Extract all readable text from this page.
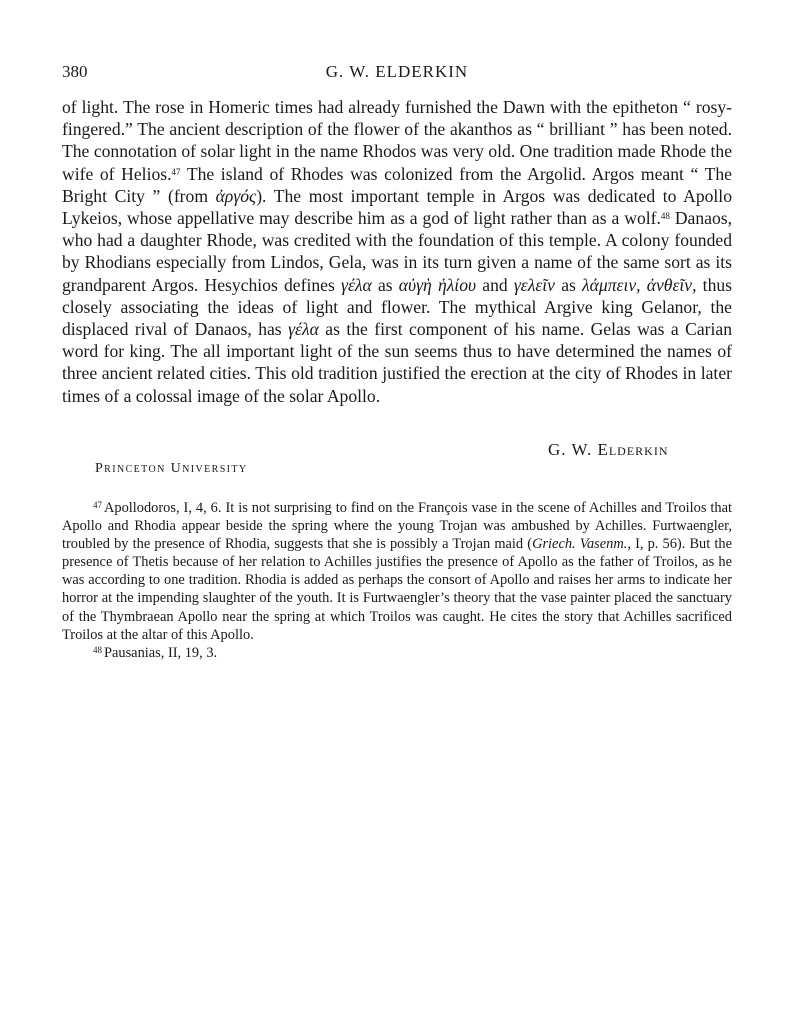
380	G. W. ELDERKIN

of light. The rose in Homeric times had already furnished the Dawn with the epitheton “ rosy-fingered.” The ancient description of the flower of the akanthos as “ brilliant ” has been noted. The connotation of solar light in the name Rhodos was very old. One tradition made Rhode the wife of Helios.$^{47}$ The island of Rhodes was colonized from the Argolid. Argos meant “ The Bright City ” (from ἀργός). The most important temple in Argos was dedicated to Apollo Lykeios, whose appellative may describe him as a god of light rather than as a wolf.$^{48}$ Danaos, who had a daughter Rhode, was credited with the foundation of this temple. A colony founded by Rhodians especially from Lindos, Gela, was in its turn given a name of the same sort as its grandparent Argos. Hesychios defines γέλα as αὐγὴ ἡλίου and γελεῖν as λάμπειν, ἀνθεῖν, thus closely associating the ideas of light and flower. The mythical Argive king Gelanor, the displaced rival of Danaos, has γέλα as the first component of his name. Gelas was a Carian word for king. The all important light of the sun seems thus to have determined the names of three ancient related cities. This old tradition justified the erection at the city of Rhodes in later times of a colossal image of the solar Apollo.

G. W. Elderkin
Princeton University

$^{47}$ Apollodoros, I, 4, 6. It is not surprising to find on the François vase in the scene of Achilles and Troilos that Apollo and Rhodia appear beside the spring where the young Trojan was ambushed by Achilles. Furtwaengler, troubled by the presence of Rhodia, suggests that she is possibly a Trojan maid (Griech. Vasenm., I, p. 56). But the presence of Thetis because of her relation to Achilles justifies the presence of Apollo as the father of Troilos, as he was according to one tradition. Rhodia is added as perhaps the consort of Apollo and raises her arms to indicate her horror at the impending slaughter of the youth. It is Furtwaengler’s theory that the vase painter placed the sanctuary of the Thymbraean Apollo near the spring at which Troilos was caught. He cites the story that Achilles sacrificed Troilos at the altar of this Apollo.

$^{48}$ Pausanias, II, 19, 3.
